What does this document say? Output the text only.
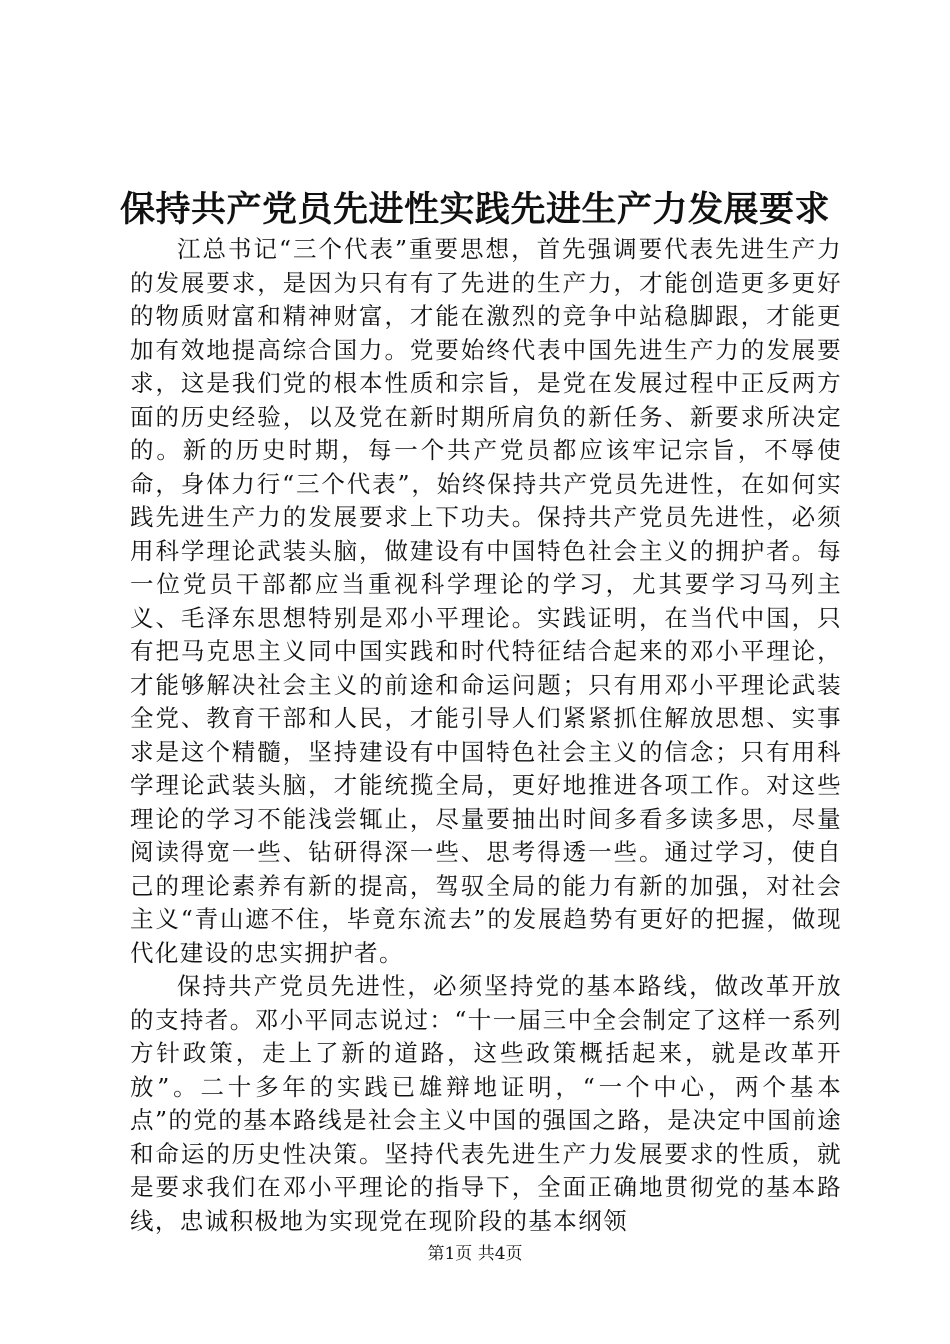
保持共产党员先进性实践先进生产力发展要求

江总书记“三个代表”重要思想，首先强调要代表先进生产力的发展要求，是因为只有有了先进的生产力，才能创造更多更好的物质财富和精神财富，才能在激烈的竞争中站稳脚跟，才能更加有效地提高综合国力。党要始终代表中国先进生产力的发展要求，这是我们党的根本性质和宗旨，是党在发展过程中正反两方面的历史经验，以及党在新时期所肩负的新任务、新要求所决定的。新的历史时期，每一个共产党员都应该牢记宗旨，不辱使命，身体力行“三个代表”，始终保持共产党员先进性，在如何实践先进生产力的发展要求上下功夫。保持共产党员先进性，必须用科学理论武装头脑，做建设有中国特色社会主义的拥护者。每一位党员干部都应当重视科学理论的学习，尤其要学习马列主义、毛泽东思想特别是邓小平理论。实践证明，在当代中国，只有把马克思主义同中国实践和时代特征结合起来的邓小平理论，才能够解决社会主义的前途和命运问题；只有用邓小平理论武装全党、教育干部和人民，才能引导人们紧紧抓住解放思想、实事求是这个精髓，坚持建设有中国特色社会主义的信念；只有用科学理论武装头脑，才能统揽全局，更好地推进各项工作。对这些理论的学习不能浅尝辄止，尽量要抽出时间多看多读多思，尽量阅读得宽一些、钻研得深一些、思考得透一些。通过学习，使自己的理论素养有新的提高，驾驭全局的能力有新的加强，对社会主义“青山遮不住，毕竟东流去”的发展趋势有更好的把握，做现代化建设的忠实拥护者。

保持共产党员先进性，必须坚持党的基本路线，做改革开放的支持者。邓小平同志说过：“十一届三中全会制定了这样一系列方针政策，走上了新的道路，这些政策概括起来，就是改革开放”。二十多年的实践已雄辩地证明，“一个中心，两个基本点”的党的基本路线是社会主义中国的强国之路，是决定中国前途和命运的历史性决策。坚持代表先进生产力发展要求的性质，就是要求我们在邓小平理论的指导下，全面正确地贯彻党的基本路线，忠诚积极地为实现党在现阶段的基本纲领

第1页 共4页
